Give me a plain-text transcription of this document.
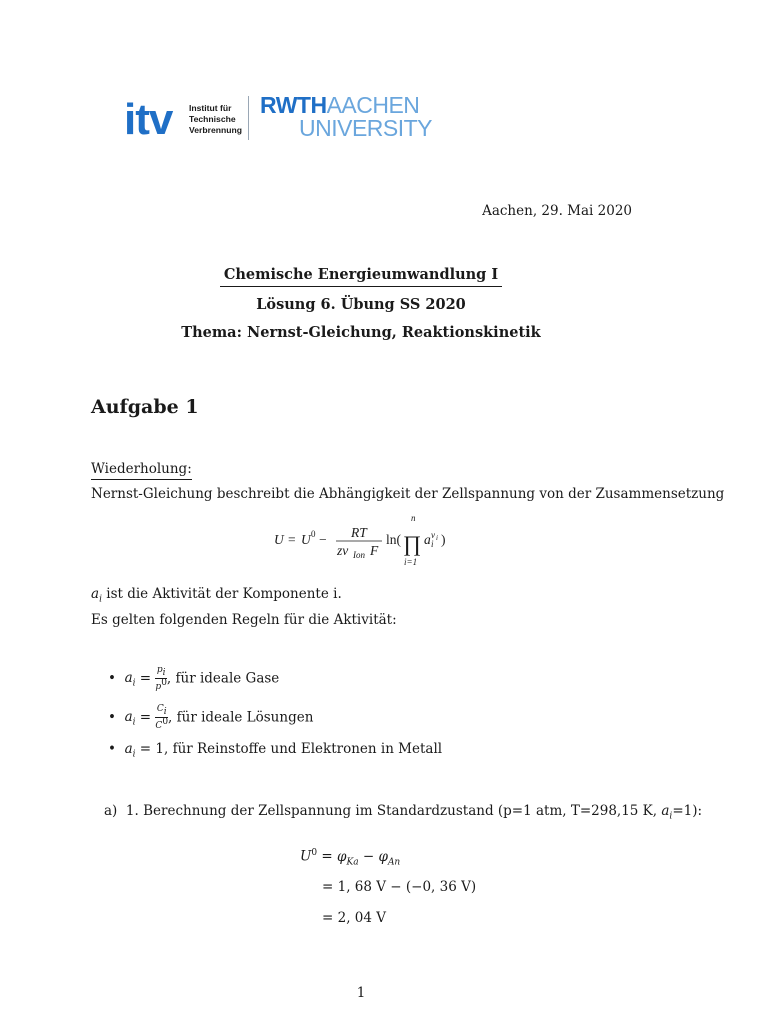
itv Institut für
Technische
Verbrennung
RWTHAACHEN
UNIVERSITY
Aachen, 29. Mai 2020
Chemische Energieumwandlung I
Lösung 6. Übung SS 2020
Thema: Nernst-Gleichung, Reaktionskinetik
Aufgabe 1
Wiederholung:
Nernst-Gleichung beschreibt die Abhängigkeit der Zellspannung von der Zusammensetzung
U = U 0 − RT
zν Ion F
ln(
n
∏
i=1
a i
ν i )
$a_i$ ist die Aktivität der Komponente i.
Es gelten folgenden Regeln für die Aktivität:
• $a_i = \frac{p_i}{p^0}$ , für ideale Gase
• $a_i = \frac{C_i}{C^0}$ , für ideale Lösungen
• $a_i = 1$, für Reinstoffe und Elektronen in Metall
a) 1. Berechnung der Zellspannung im Standardzustand (p=1 atm, T=298,15 K, $a_i=1$):
$U^0 = \varphi_{Ka} - \varphi_{An}$
= 1, 68 V − (−0, 36 V)
= 2, 04 V
1
